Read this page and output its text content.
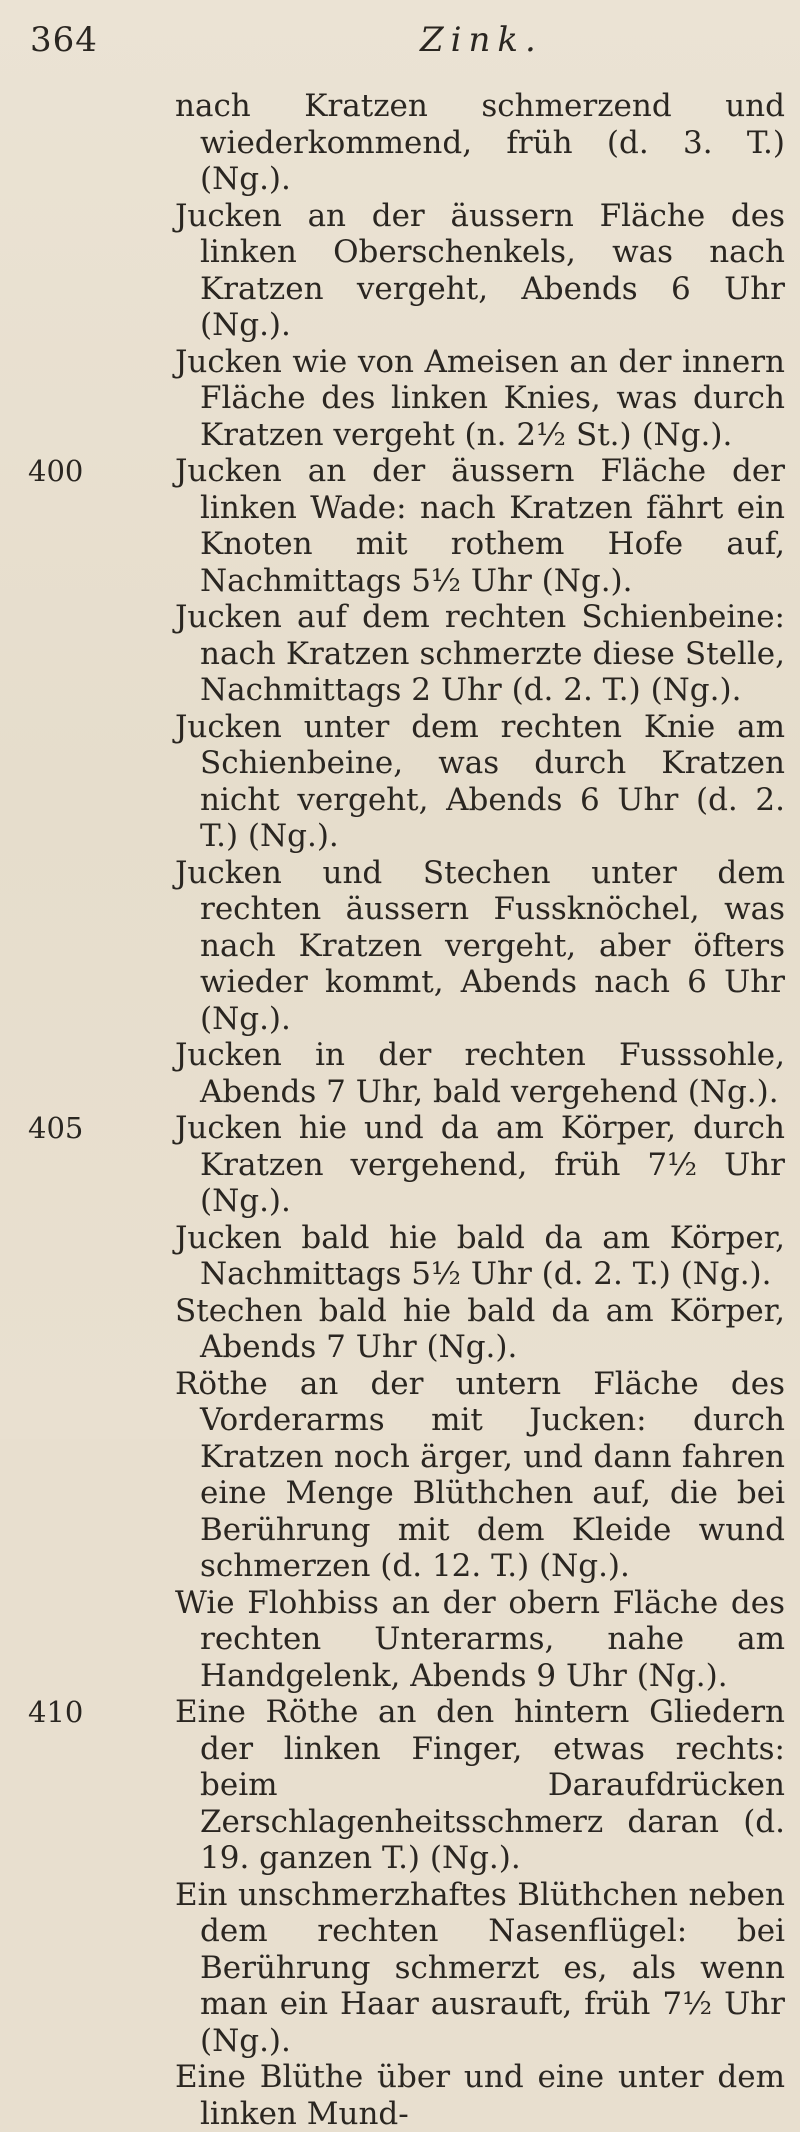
364	Zink.
nach Kratzen schmerzend und wiederkommend, früh (d. 3. T.) (Ng.).
Jucken an der äussern Fläche des linken Oberschenkels, was nach Kratzen vergeht, Abends 6 Uhr (Ng.).
Jucken wie von Ameisen an der innern Fläche des linken Knies, was durch Kratzen vergeht (n. 2½ St.) (Ng.).
400	Jucken an der äussern Fläche der linken Wade: nach Kratzen fährt ein Knoten mit rothem Hofe auf, Nachmittags 5½ Uhr (Ng.).
Jucken auf dem rechten Schienbeine: nach Kratzen schmerzte diese Stelle, Nachmittags 2 Uhr (d. 2. T.) (Ng.).
Jucken unter dem rechten Knie am Schienbeine, was durch Kratzen nicht vergeht, Abends 6 Uhr (d. 2. T.) (Ng.).
Jucken und Stechen unter dem rechten äussern Fussknöchel, was nach Kratzen vergeht, aber öfters wieder kommt, Abends nach 6 Uhr (Ng.).
Jucken in der rechten Fusssohle, Abends 7 Uhr, bald vergehend (Ng.).
405	Jucken hie und da am Körper, durch Kratzen vergehend, früh 7½ Uhr (Ng.).
Jucken bald hie bald da am Körper, Nachmittags 5½ Uhr (d. 2. T.) (Ng.).
Stechen bald hie bald da am Körper, Abends 7 Uhr (Ng.).
Röthe an der untern Fläche des Vorderarms mit Jucken: durch Kratzen noch ärger, und dann fahren eine Menge Blüthchen auf, die bei Berührung mit dem Kleide wund schmerzen (d. 12. T.) (Ng.).
Wie Flohbiss an der obern Fläche des rechten Unterarms, nahe am Handgelenk, Abends 9 Uhr (Ng.).
410	Eine Röthe an den hintern Gliedern der linken Finger, etwas rechts: beim Daraufdrücken Zerschlagenheitsschmerz daran (d. 19. ganzen T.) (Ng.).
Ein unschmerzhaftes Blüthchen neben dem rechten Nasenflügel: bei Berührung schmerzt es, als wenn man ein Haar ausrauft, früh 7½ Uhr (Ng.).
Eine Blüthe über und eine unter dem linken Mund-
